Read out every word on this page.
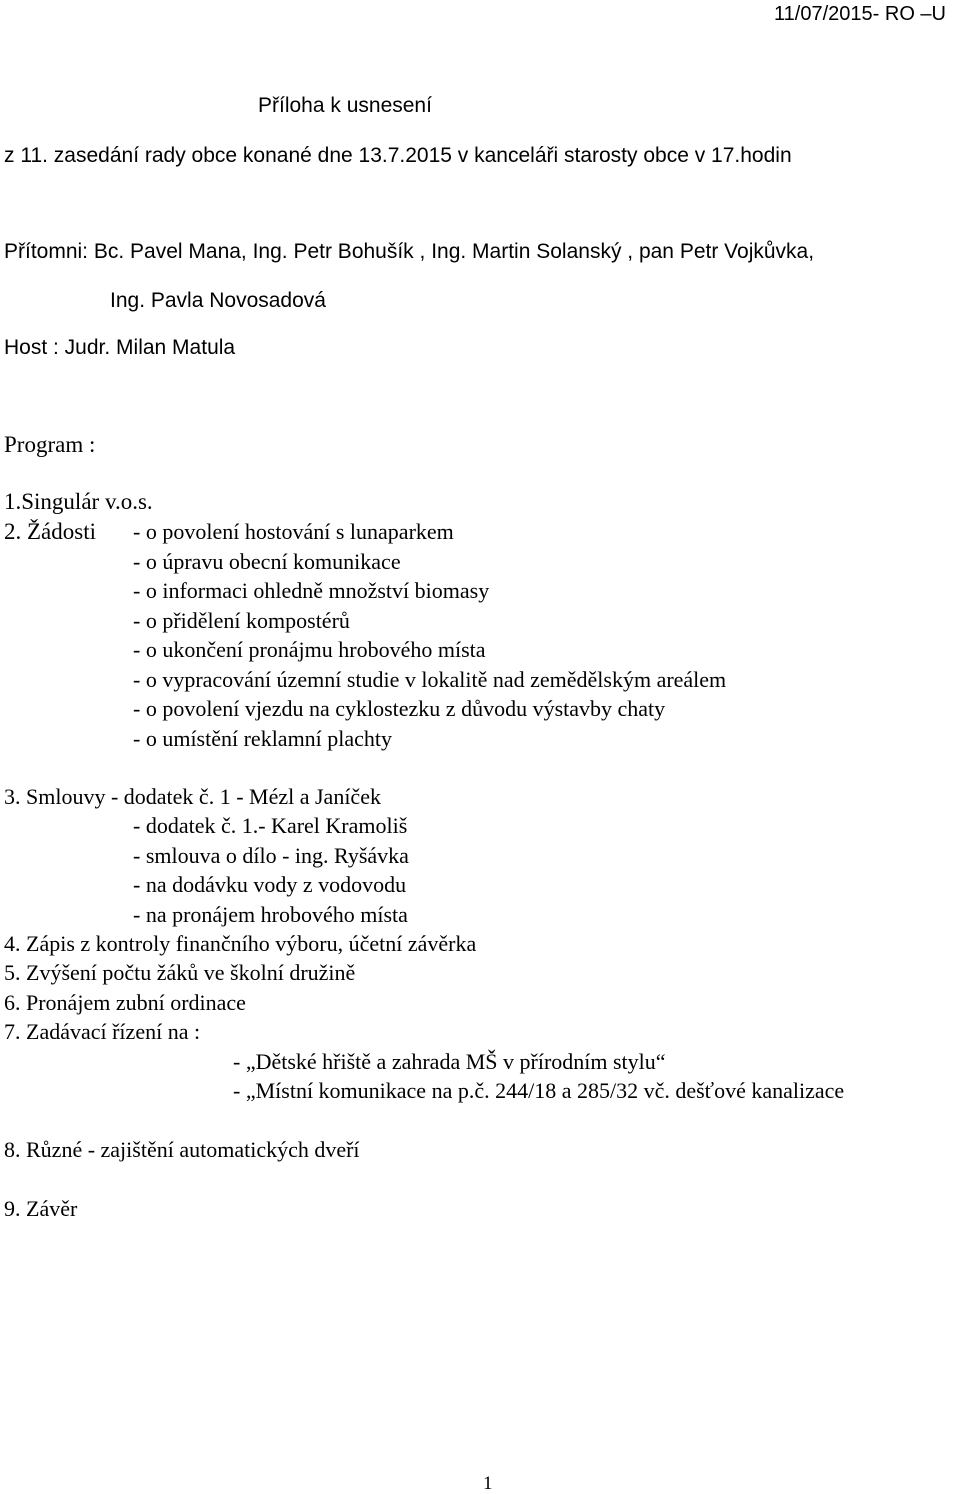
11/07/2015- RO –U
Příloha k usnesení
z 11. zasedání rady obce konané dne 13.7.2015 v kanceláři starosty obce v 17.hodin
Přítomni: Bc. Pavel Mana, Ing. Petr Bohušík , Ing. Martin Solanský , pan Petr Vojkůvka,
Ing. Pavla Novosadová
Host : Judr. Milan Matula
Program :
1.Singulár v.o.s.
2. Žádosti - o povolení hostování s lunaparkem
- o úpravu obecní komunikace
- o informaci ohledně množství biomasy
- o přidělení kompostérů
- o ukončení pronájmu hrobového místa
- o vypracování územní studie v lokalitě nad zemědělským areálem
- o povolení vjezdu na cyklostezku z důvodu výstavby chaty
- o umístění reklamní plachty
3. Smlouvy - dodatek č. 1 - Mézl a Janíček
- dodatek č. 1.- Karel Kramoliš
- smlouva o dílo - ing. Ryšávka
- na dodávku vody z vodovodu
- na pronájem hrobového místa
4. Zápis z kontroly finančního výboru, účetní závěrka
5. Zvýšení počtu žáků ve školní družině
6. Pronájem zubní ordinace
7. Zadávací řízení na :
- „Dětské hřiště a zahrada MŠ v přírodním stylu“
- „Místní komunikace na p.č. 244/18 a 285/32 vč. dešťové kanalizace
8. Různé - zajištění automatických dveří
9. Závěr
1
